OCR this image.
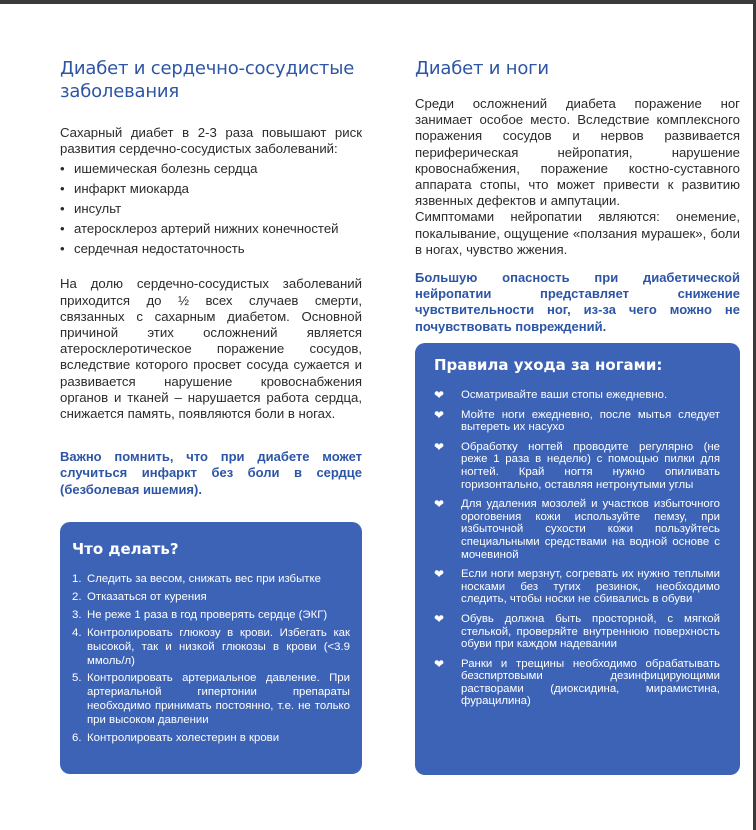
Диабет и сердечно-сосудистые заболевания

Сахарный диабет в 2-3 раза повышают риск развития сердечно-сосудистых заболеваний:

• ишемическая болезнь сердца
• инфаркт миокарда
• инсульт
• атеросклероз артерий нижних конечностей
• сердечная недостаточность

На долю сердечно-сосудистых заболеваний приходится до ½ всех случаев смерти, связанных с сахарным диабетом. Основной причиной этих осложнений является атеросклеротическое поражение сосудов, вследствие которого просвет сосуда сужается и развивается нарушение кровоснабжения органов и тканей – нарушается работа сердца, снижается память, появляются боли в ногах.

Важно помнить, что при диабете может случиться инфаркт без боли в сердце (безболевая ишемия).

Что делать?
1. Следить за весом, снижать вес при избытке
2. Отказаться от курения
3. Не реже 1 раза в год проверять сердце (ЭКГ)
4. Контролировать глюкозу в крови. Избегать как высокой, так и низкой глюкозы в крови (<3.9 ммоль/л)
5. Контролировать артериальное давление. При артериальной гипертонии препараты необходимо принимать постоянно, т.е. не только при высоком давлении
6. Контролировать холестерин в крови
Диабет и ноги

Среди осложнений диабета поражение ног занимает особое место. Вследствие комплексного поражения сосудов и нервов развивается периферическая нейропатия, нарушение кровоснабжения, поражение костно-суставного аппарата стопы, что может привести к развитию язвенных дефектов и ампутации.

Симптомами нейропатии являются: онемение, покалывание, ощущение «ползания мурашек», боли в ногах, чувство жжения.

Большую опасность при диабетической нейропатии представляет снижение чувствительности ног, из-за чего можно не почувствовать повреждений.

Правила ухода за ногами:
❤ Осматривайте ваши стопы ежедневно.
❤ Мойте ноги ежедневно, после мытья следует вытереть их насухо
❤ Обработку ногтей проводите регулярно (не реже 1 раза в неделю) с помощью пилки для ногтей. Край ногтя нужно опиливать горизонтально, оставляя нетронутыми углы
❤ Для удаления мозолей и участков избыточного ороговения кожи используйте пемзу, при избыточной сухости кожи пользуйтесь специальными средствами на водной основе с мочевиной
❤ Если ноги мерзнут, согревать их нужно теплыми носками без тугих резинок, необходимо следить, чтобы носки не сбивались в обуви
❤ Обувь должна быть просторной, с мягкой стелькой, проверяйте внутреннюю поверхность обуви при каждом надевании
❤ Ранки и трещины необходимо обрабатывать безспиртовыми дезинфицирующими растворами (диоксидина, мирамистина, фурацилина)
